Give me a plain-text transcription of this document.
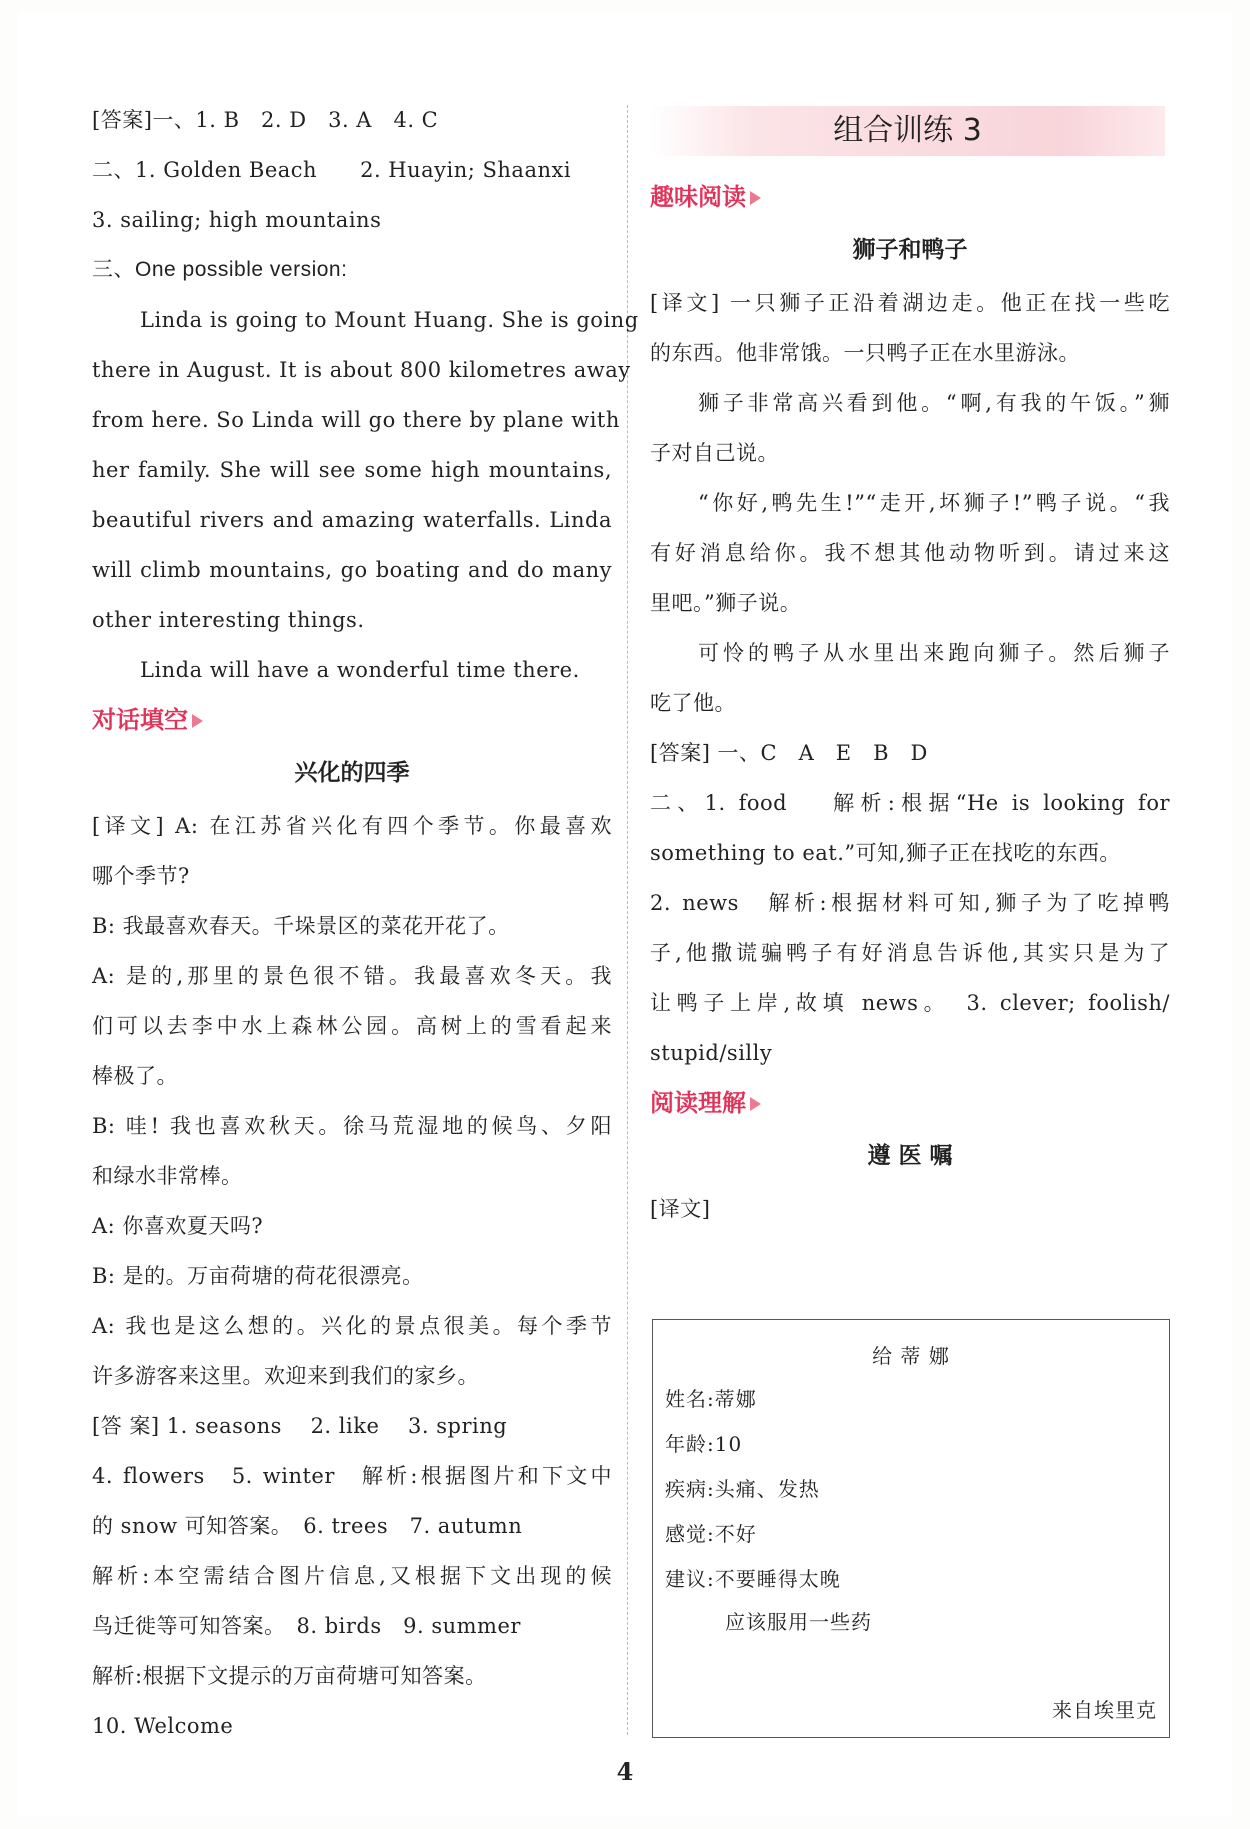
[答案]一、1. B　2. D　3. A　4. C
二、1. Golden Beach　　2. Huayin; Shaanxi
3. sailing; high mountains
三、One possible version:
Linda is going to Mount Huang. She is going
there in August. It is about 800 kilometres away
from here. So Linda will go there by plane with
her family. She will see some high mountains,
beautiful rivers and amazing waterfalls. Linda
will climb mountains, go boating and do many
other interesting things.
Linda will have a wonderful time there.
对话填空
兴化的四季
[译文] A: 在江苏省兴化有四个季节。你最喜欢
哪个季节?
B: 我最喜欢春天。千垛景区的菜花开花了。
A: 是的,那里的景色很不错。我最喜欢冬天。我
们可以去李中水上森林公园。高树上的雪看起来
棒极了。
B: 哇! 我也喜欢秋天。徐马荒湿地的候鸟、夕阳
和绿水非常棒。
A: 你喜欢夏天吗?
B: 是的。万亩荷塘的荷花很漂亮。
A: 我也是这么想的。兴化的景点很美。每个季节
许多游客来这里。欢迎来到我们的家乡。
[答 案] 1. seasons　 2. like　 3. spring
4. flowers　5. winter　解析:根据图片和下文中
的 snow 可知答案。　6. trees　7. autumn
解析:本空需结合图片信息,又根据下文出现的候
鸟迁徙等可知答案。　8. birds　9. summer
解析:根据下文提示的万亩荷塘可知答案。
10. Welcome
组合训练 3
趣味阅读
狮子和鸭子
[译文] 一只狮子正沿着湖边走。他正在找一些吃
的东西。他非常饿。一只鸭子正在水里游泳。
狮子非常高兴看到他。“啊,有我的午饭。”狮
子对自己说。
“你好,鸭先生!”“走开,坏狮子!”鸭子说。“我
有好消息给你。我不想其他动物听到。请过来这
里吧。”狮子说。
可怜的鸭子从水里出来跑向狮子。然后狮子
吃了他。
[答案] 一、C　A　E　B　D
二、1. food　 解析:根据“He is looking for
something to eat.”可知,狮子正在找吃的东西。
2. news　解析:根据材料可知,狮子为了吃掉鸭
子,他撒谎骗鸭子有好消息告诉他,其实只是为了
让鸭子上岸,故填 news。　3. clever; foolish/
stupid/silly
阅读理解
遵 医 嘱
[译文]
给 蒂 娜
姓名:蒂娜
年龄:10
疾病:头痛、发热
感觉:不好
建议:不要睡得太晚
应该服用一些药
来自埃里克
4
